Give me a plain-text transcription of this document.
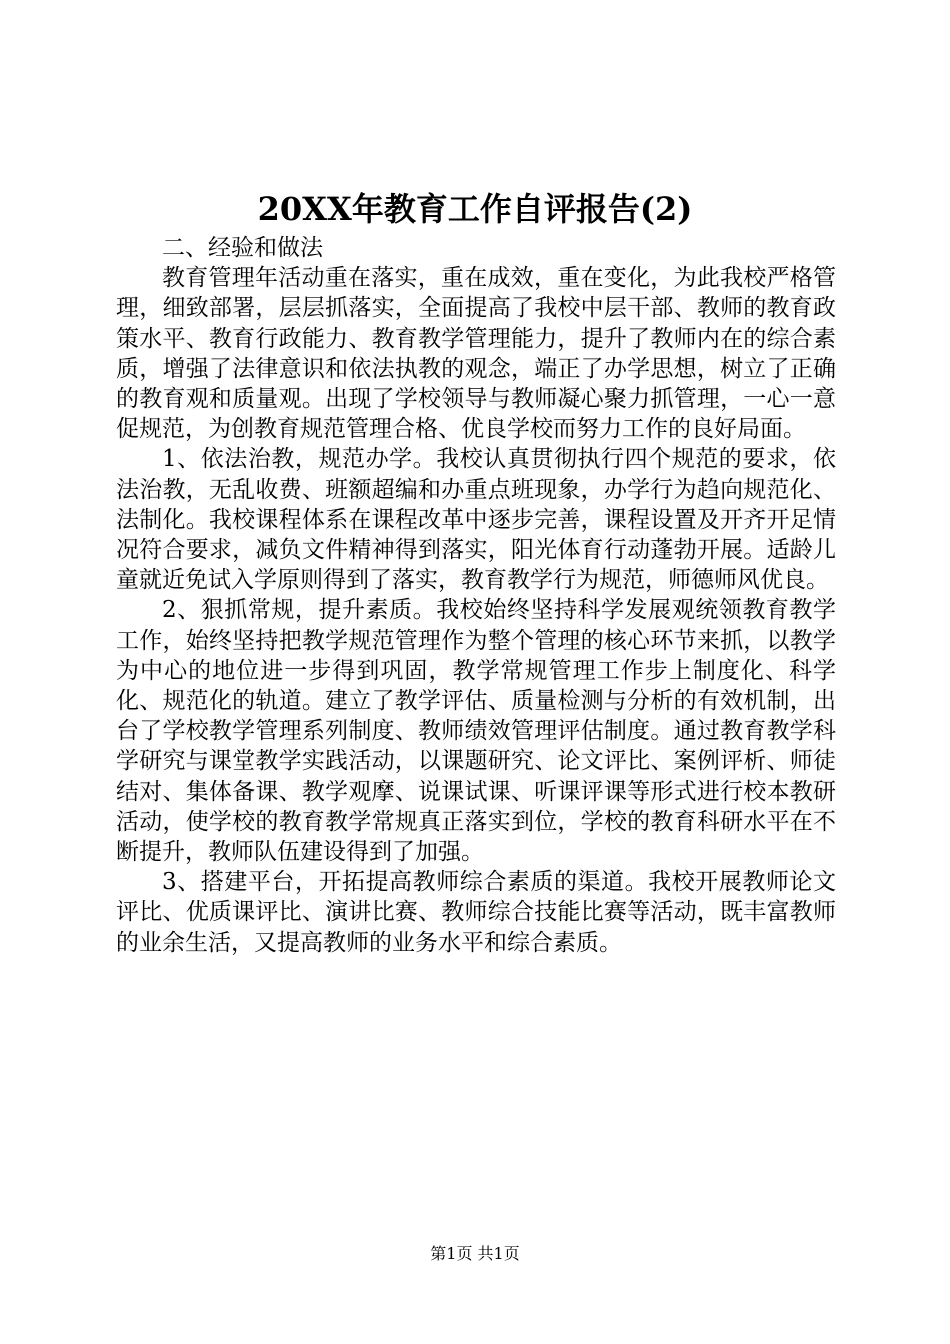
20XX年教育工作自评报告(2)

二、经验和做法

教育管理年活动重在落实，重在成效，重在变化，为此我校严格管理，细致部署，层层抓落实，全面提高了我校中层干部、教师的教育政策水平、教育行政能力、教育教学管理能力，提升了教师内在的综合素质，增强了法律意识和依法执教的观念，端正了办学思想，树立了正确的教育观和质量观。出现了学校领导与教师凝心聚力抓管理，一心一意促规范，为创教育规范管理合格、优良学校而努力工作的良好局面。

1、依法治教，规范办学。我校认真贯彻执行四个规范的要求，依法治教，无乱收费、班额超编和办重点班现象，办学行为趋向规范化、法制化。我校课程体系在课程改革中逐步完善，课程设置及开齐开足情况符合要求，减负文件精神得到落实，阳光体育行动蓬勃开展。适龄儿童就近免试入学原则得到了落实，教育教学行为规范，师德师风优良。

2、狠抓常规，提升素质。我校始终坚持科学发展观统领教育教学工作，始终坚持把教学规范管理作为整个管理的核心环节来抓，以教学为中心的地位进一步得到巩固，教学常规管理工作步上制度化、科学化、规范化的轨道。建立了教学评估、质量检测与分析的有效机制，出台了学校教学管理系列制度、教师绩效管理评估制度。通过教育教学科学研究与课堂教学实践活动，以课题研究、论文评比、案例评析、师徒结对、集体备课、教学观摩、说课试课、听课评课等形式进行校本教研活动，使学校的教育教学常规真正落实到位，学校的教育科研水平在不断提升，教师队伍建设得到了加强。

3、搭建平台，开拓提高教师综合素质的渠道。我校开展教师论文评比、优质课评比、演讲比赛、教师综合技能比赛等活动，既丰富教师的业余生活，又提高教师的业务水平和综合素质。

第1页 共1页
